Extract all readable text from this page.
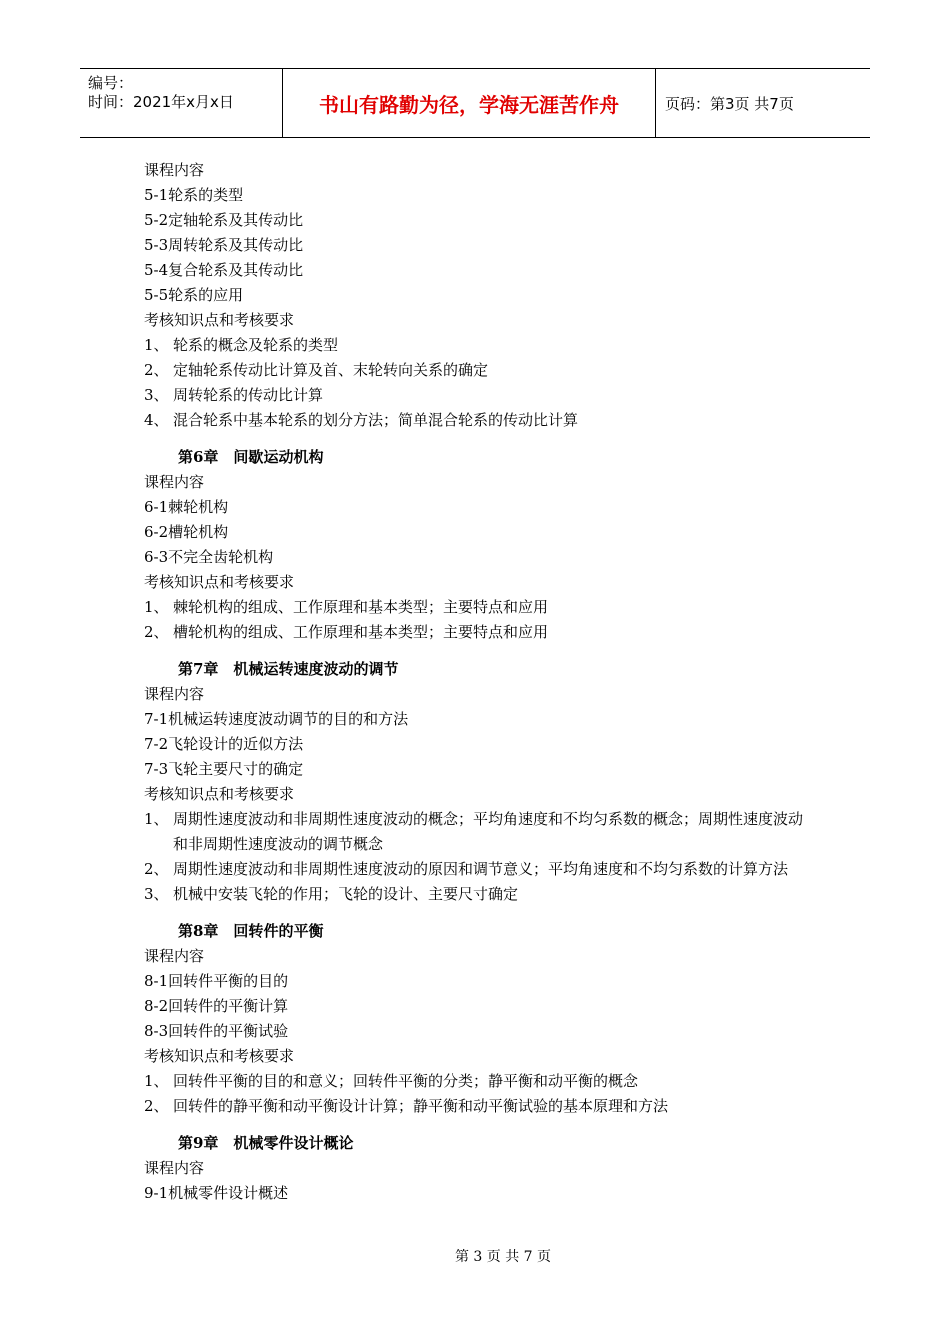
编号：
时间：2021年x月x日	书山有路勤为径，学海无涯苦作舟	页码：第3页 共7页
课程内容
5-1轮系的类型
5-2定轴轮系及其传动比
5-3周转轮系及其传动比
5-4复合轮系及其传动比
5-5轮系的应用
考核知识点和考核要求
1、 轮系的概念及轮系的类型
2、 定轴轮系传动比计算及首、末轮转向关系的确定
3、 周转轮系的传动比计算
4、 混合轮系中基本轮系的划分方法；简单混合轮系的传动比计算
第6章　间歇运动机构
课程内容
6-1棘轮机构
6-2槽轮机构
6-3不完全齿轮机构
考核知识点和考核要求
1、 棘轮机构的组成、工作原理和基本类型；主要特点和应用
2、 槽轮机构的组成、工作原理和基本类型；主要特点和应用
第7章　机械运转速度波动的调节
课程内容
7-1机械运转速度波动调节的目的和方法
7-2飞轮设计的近似方法
7-3飞轮主要尺寸的确定
考核知识点和考核要求
1、 周期性速度波动和非周期性速度波动的概念；平均角速度和不均匀系数的概念；周期性速度波动和非周期性速度波动的调节概念
2、 周期性速度波动和非周期性速度波动的原因和调节意义；平均角速度和不均匀系数的计算方法
3、 机械中安装飞轮的作用；飞轮的设计、主要尺寸确定
第8章　回转件的平衡
课程内容
8-1回转件平衡的目的
8-2回转件的平衡计算
8-3回转件的平衡试验
考核知识点和考核要求
1、 回转件平衡的目的和意义；回转件平衡的分类；静平衡和动平衡的概念
2、 回转件的静平衡和动平衡设计计算；静平衡和动平衡试验的基本原理和方法
第9章　机械零件设计概论
课程内容
9-1机械零件设计概述
第 3 页 共 7 页
